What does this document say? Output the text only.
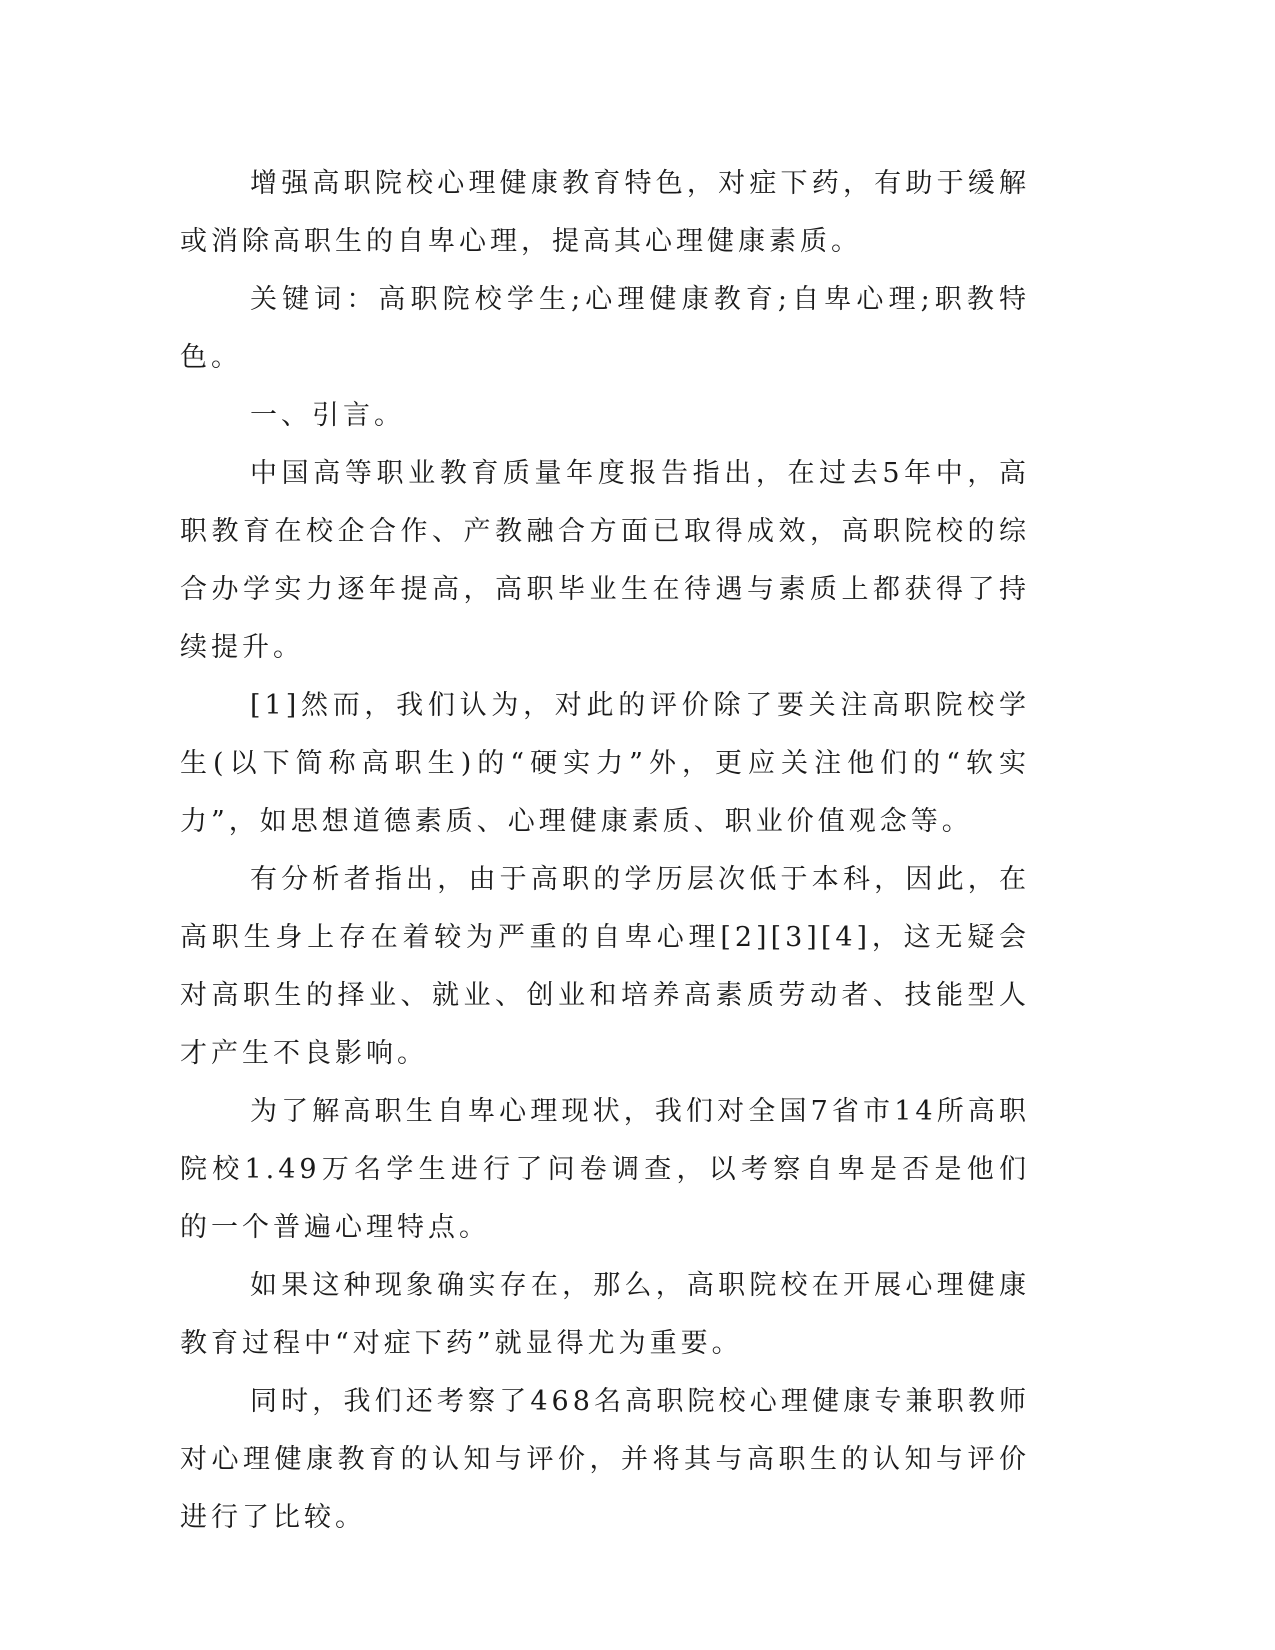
增强高职院校心理健康教育特色，对症下药，有助于缓解或消除高职生的自卑心理，提高其心理健康素质。

关键词：高职院校学生;心理健康教育;自卑心理;职教特色。

一、引言。

中国高等职业教育质量年度报告指出，在过去5年中，高职教育在校企合作、产教融合方面已取得成效，高职院校的综合办学实力逐年提高，高职毕业生在待遇与素质上都获得了持续提升。

[1]然而，我们认为，对此的评价除了要关注高职院校学生(以下简称高职生)的“硬实力”外，更应关注他们的“软实力”，如思想道德素质、心理健康素质、职业价值观念等。

有分析者指出，由于高职的学历层次低于本科，因此，在高职生身上存在着较为严重的自卑心理[2][3][4]，这无疑会对高职生的择业、就业、创业和培养高素质劳动者、技能型人才产生不良影响。

为了解高职生自卑心理现状，我们对全国7省市14所高职院校1.49万名学生进行了问卷调查，以考察自卑是否是他们的一个普遍心理特点。

如果这种现象确实存在，那么，高职院校在开展心理健康教育过程中“对症下药”就显得尤为重要。

同时，我们还考察了468名高职院校心理健康专兼职教师对心理健康教育的认知与评价，并将其与高职生的认知与评价进行了比较。
